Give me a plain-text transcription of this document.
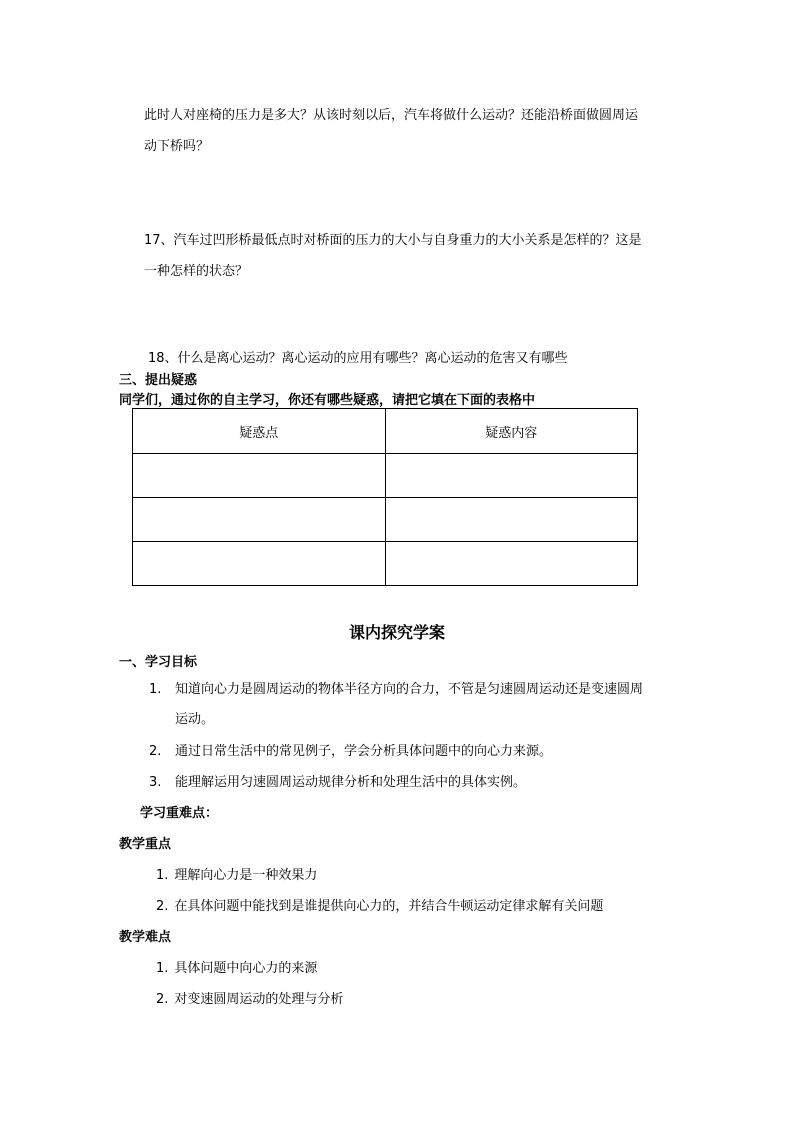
此时人对座椅的压力是多大？从该时刻以后，汽车将做什么运动？还能沿桥面做圆周运
动下桥吗？
17、汽车过凹形桥最低点时对桥面的压力的大小与自身重力的大小关系是怎样的？这是
一种怎样的状态？
18、什么是离心运动？离心运动的应用有哪些？离心运动的危害又有哪些
三、提出疑惑
同学们，通过你的自主学习，你还有哪些疑惑，请把它填在下面的表格中
疑惑点	疑惑内容

课内探究学案
一、学习目标
1. 知道向心力是圆周运动的物体半径方向的合力，不管是匀速圆周运动还是变速圆周
运动。
2. 通过日常生活中的常见例子，学会分析具体问题中的向心力来源。
3. 能理解运用匀速圆周运动规律分析和处理生活中的具体实例。
学习重难点：
教学重点
1. 理解向心力是一种效果力
2. 在具体问题中能找到是谁提供向心力的，并结合牛顿运动定律求解有关问题
教学难点
1. 具体问题中向心力的来源
2. 对变速圆周运动的处理与分析
